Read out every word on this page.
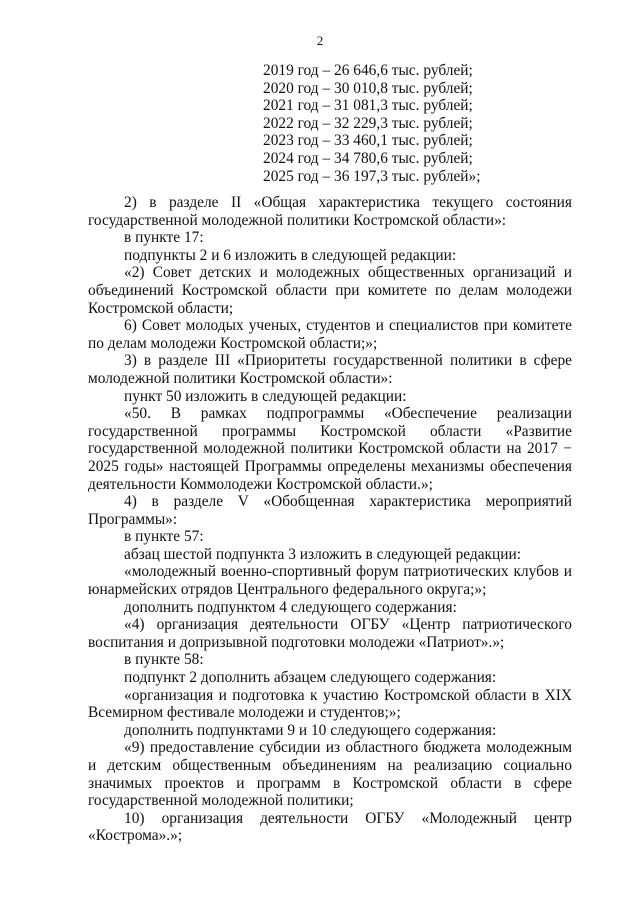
2
2019 год – 26 646,6 тыс. рублей;
2020 год – 30 010,8 тыс. рублей;
2021 год – 31 081,3 тыс. рублей;
2022 год – 32 229,3 тыс. рублей;
2023 год – 33 460,1 тыс. рублей;
2024 год – 34 780,6 тыс. рублей;
2025 год – 36 197,3 тыс. рублей»;

2) в разделе II «Общая характеристика текущего состояния государственной молодежной политики Костромской области»:

в пункте 17:

подпункты 2 и 6 изложить в следующей редакции:

«2) Совет детских и молодежных общественных организаций и объединений Костромской области при комитете по делам молодежи Костромской области;

6) Совет молодых ученых, студентов и специалистов при комитете по делам молодежи Костромской области;»;

3) в разделе III «Приоритеты государственной политики в сфере молодежной политики Костромской области»:

пункт 50 изложить в следующей редакции:

«50. В рамках подпрограммы «Обеспечение реализации государственной программы Костромской области «Развитие государственной молодежной политики Костромской области на 2017 − 2025 годы» настоящей Программы определены механизмы обеспечения деятельности Коммолодежи Костромской области.»;

4) в разделе V «Обобщенная характеристика мероприятий Программы»:

в пункте 57:

абзац шестой подпункта 3 изложить в следующей редакции:

«молодежный военно-спортивный форум патриотических клубов и юнармейских отрядов Центрального федерального округа;»;

дополнить подпунктом 4 следующего содержания:

«4) организация деятельности ОГБУ «Центр патриотического воспитания и допризывной подготовки молодежи «Патриот».»;

в пункте 58:

подпункт 2 дополнить абзацем следующего содержания:

«организация и подготовка к участию Костромской области в XIX Всемирном фестивале молодежи и студентов;»;

дополнить подпунктами 9 и 10 следующего содержания:

«9) предоставление субсидии из областного бюджета молодежным и детским общественным объединениям на реализацию социально значимых проектов и программ в Костромской области в сфере государственной молодежной политики;

10) организация деятельности ОГБУ «Молодежный центр «Кострома».»;
